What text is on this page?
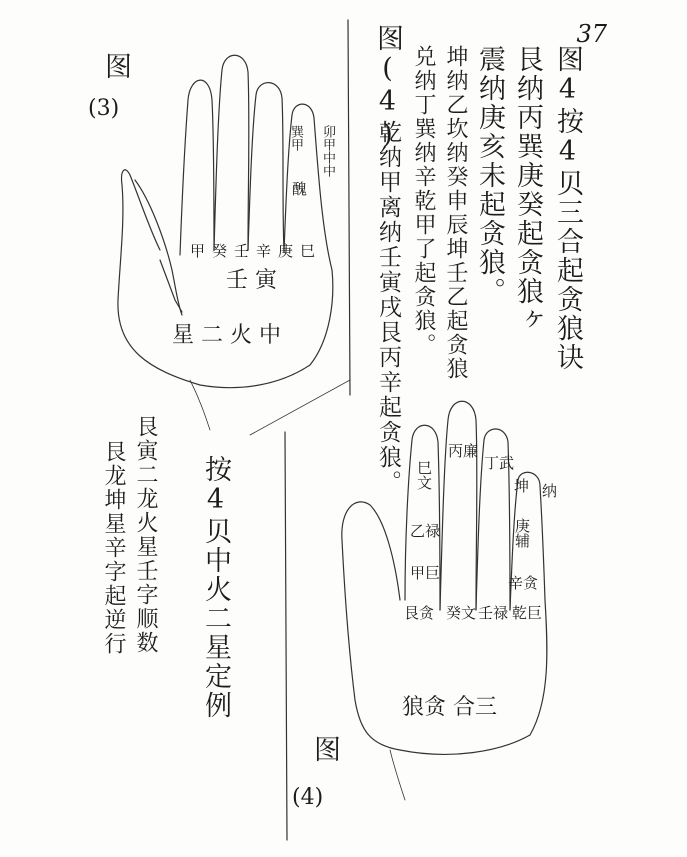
37
图
(3)
甲 癸 壬 辛 庚 巳
卯甲中中
巽甲
醜
壬 寅
星 二 火 中	图4按4贝三合起贪狼诀
艮纳丙巽庚癸起贪狼ヶ
震纳庚亥未起贪狼。
坤纳乙坎纳癸申辰坤壬乙起贪狼
兑纳丁巽纳辛乾甲了起贪狼。
图(4)
乾纳甲离纳壬寅戌艮丙辛起贪狼。
艮龙坤星辛字起逆行 艮寅二龙火星壬字顺数 按4贝中火二星定例	巳文
丙廉
丁武
坤 纳
乙禄	庚辅
甲巨
辛贪
艮贪 癸文 壬禄 乾巨
狼贪 合三
图
(4)
